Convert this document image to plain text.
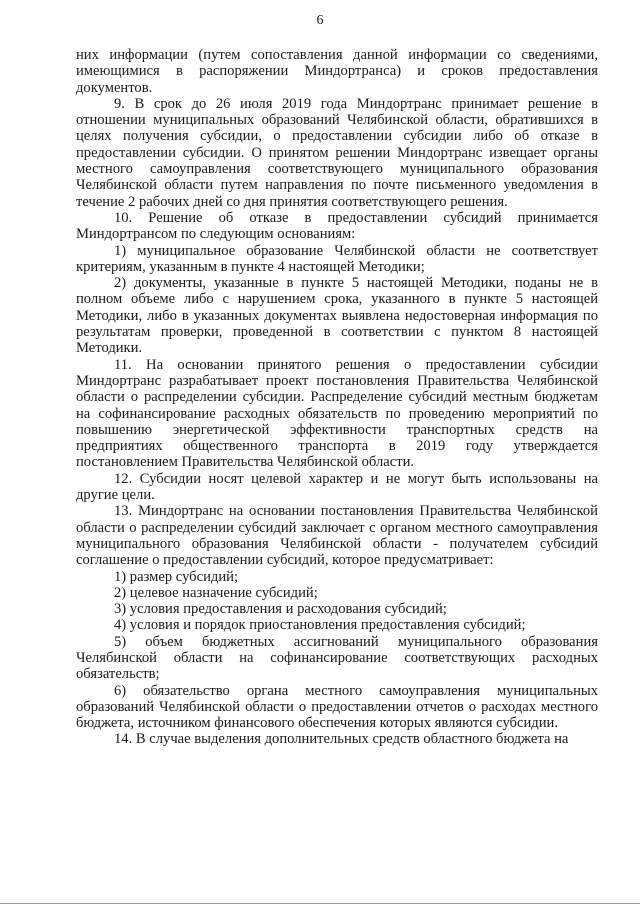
6

них информации (путем сопоставления данной информации со сведениями, имеющимися в распоряжении Миндортранса) и сроков предоставления документов.

9. В срок до 26 июля 2019 года Миндортранс принимает решение в отношении муниципальных образований Челябинской области, обратившихся в целях получения субсидии, о предоставлении субсидии либо об отказе в предоставлении субсидии. О принятом решении Миндортранс извещает органы местного самоуправления соответствующего муниципального образования Челябинской области путем направления по почте письменного уведомления в течение 2 рабочих дней со дня принятия соответствующего решения.

10. Решение об отказе в предоставлении субсидий принимается Миндортрансом по следующим основаниям:

1) муниципальное образование Челябинской области не соответствует критериям, указанным в пункте 4 настоящей Методики;

2) документы, указанные в пункте 5 настоящей Методики, поданы не в полном объеме либо с нарушением срока, указанного в пункте 5 настоящей Методики, либо в указанных документах выявлена недостоверная информация по результатам проверки, проведенной в соответствии с пунктом 8 настоящей Методики.

11. На основании принятого решения о предоставлении субсидии Миндортранс разрабатывает проект постановления Правительства Челябинской области о распределении субсидии. Распределение субсидий местным бюджетам на софинансирование расходных обязательств по проведению мероприятий по повышению энергетической эффективности транспортных средств на предприятиях общественного транспорта в 2019 году утверждается постановлением Правительства Челябинской области.

12. Субсидии носят целевой характер и не могут быть использованы на другие цели.

13. Миндортранс на основании постановления Правительства Челябинской области о распределении субсидий заключает с органом местного самоуправления муниципального образования Челябинской области - получателем субсидий соглашение о предоставлении субсидий, которое предусматривает:

1) размер субсидий;

2) целевое назначение субсидий;

3) условия предоставления и расходования субсидий;

4) условия и порядок приостановления предоставления субсидий;

5) объем бюджетных ассигнований муниципального образования Челябинской области на софинансирование соответствующих расходных обязательств;

6) обязательство органа местного самоуправления муниципальных образований Челябинской области о предоставлении отчетов о расходах местного бюджета, источником финансового обеспечения которых являются субсидии.

14. В случае выделения дополнительных средств областного бюджета на
